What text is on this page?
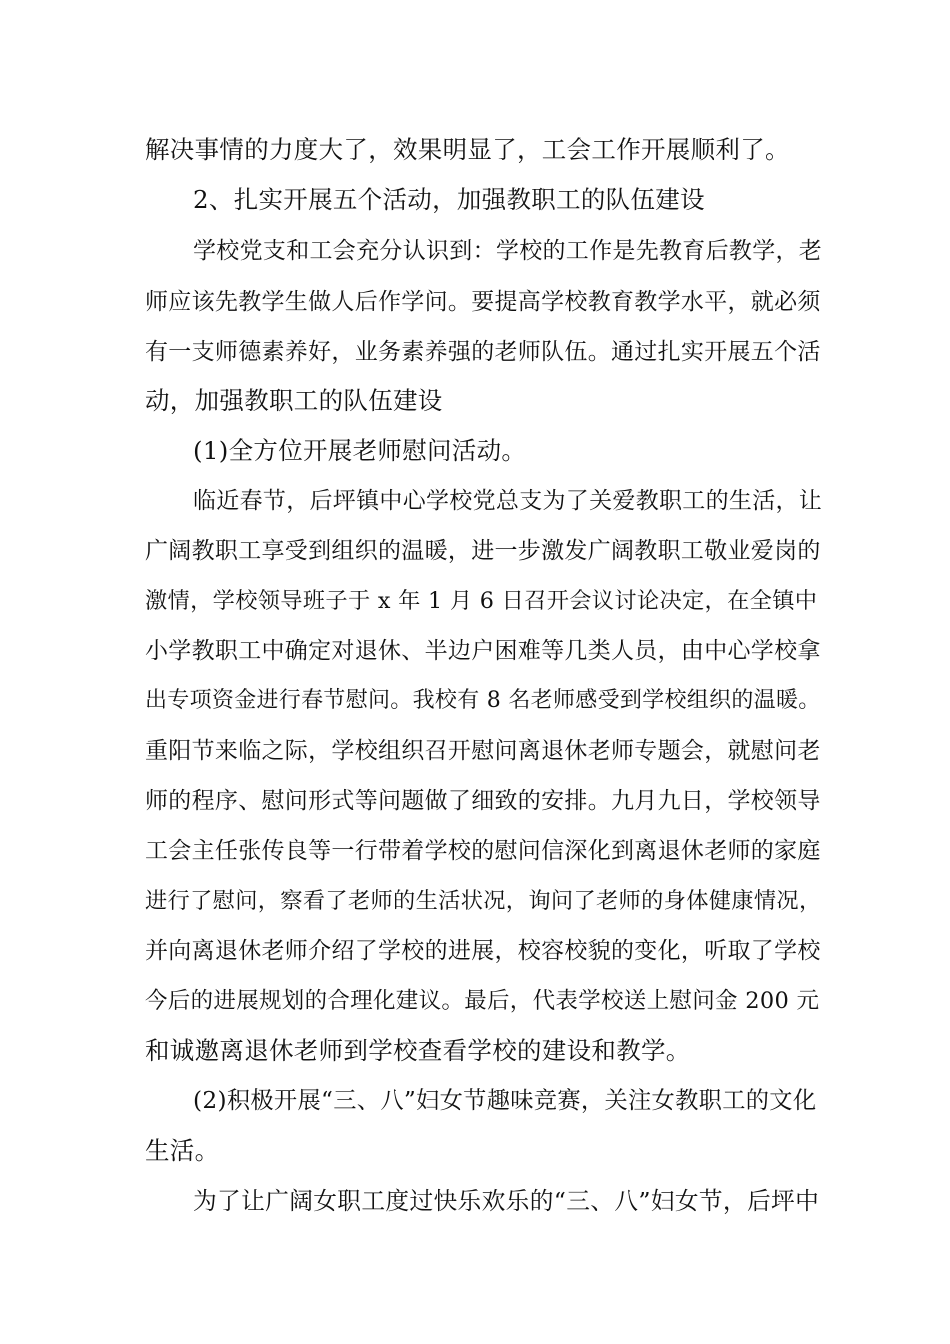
解决事情的力度大了，效果明显了，工会工作开展顺利了。
2、扎实开展五个活动，加强教职工的队伍建设
学校党支和工会充分认识到：学校的工作是先教育后教学，老
师应该先教学生做人后作学问。要提高学校教育教学水平，就必须
有一支师德素养好，业务素养强的老师队伍。通过扎实开展五个活
动，加强教职工的队伍建设
(1)全方位开展老师慰问活动。
临近春节，后坪镇中心学校党总支为了关爱教职工的生活，让
广阔教职工享受到组织的温暖，进一步激发广阔教职工敬业爱岗的
激情，学校领导班子于 x 年 1 月 6 日召开会议讨论决定，在全镇中
小学教职工中确定对退休、半边户困难等几类人员，由中心学校拿
出专项资金进行春节慰问。我校有 8 名老师感受到学校组织的温暖。
重阳节来临之际，学校组织召开慰问离退休老师专题会，就慰问老
师的程序、慰问形式等问题做了细致的安排。九月九日，学校领导
工会主任张传良等一行带着学校的慰问信深化到离退休老师的家庭
进行了慰问，察看了老师的生活状况，询问了老师的身体健康情况，
并向离退休老师介绍了学校的进展，校容校貌的变化，听取了学校
今后的进展规划的合理化建议。最后，代表学校送上慰问金 200 元
和诚邀离退休老师到学校查看学校的建设和教学。
(2)积极开展“三、八”妇女节趣味竞赛，关注女教职工的文化
生活。
为了让广阔女职工度过快乐欢乐的“三、八”妇女节，后坪中
